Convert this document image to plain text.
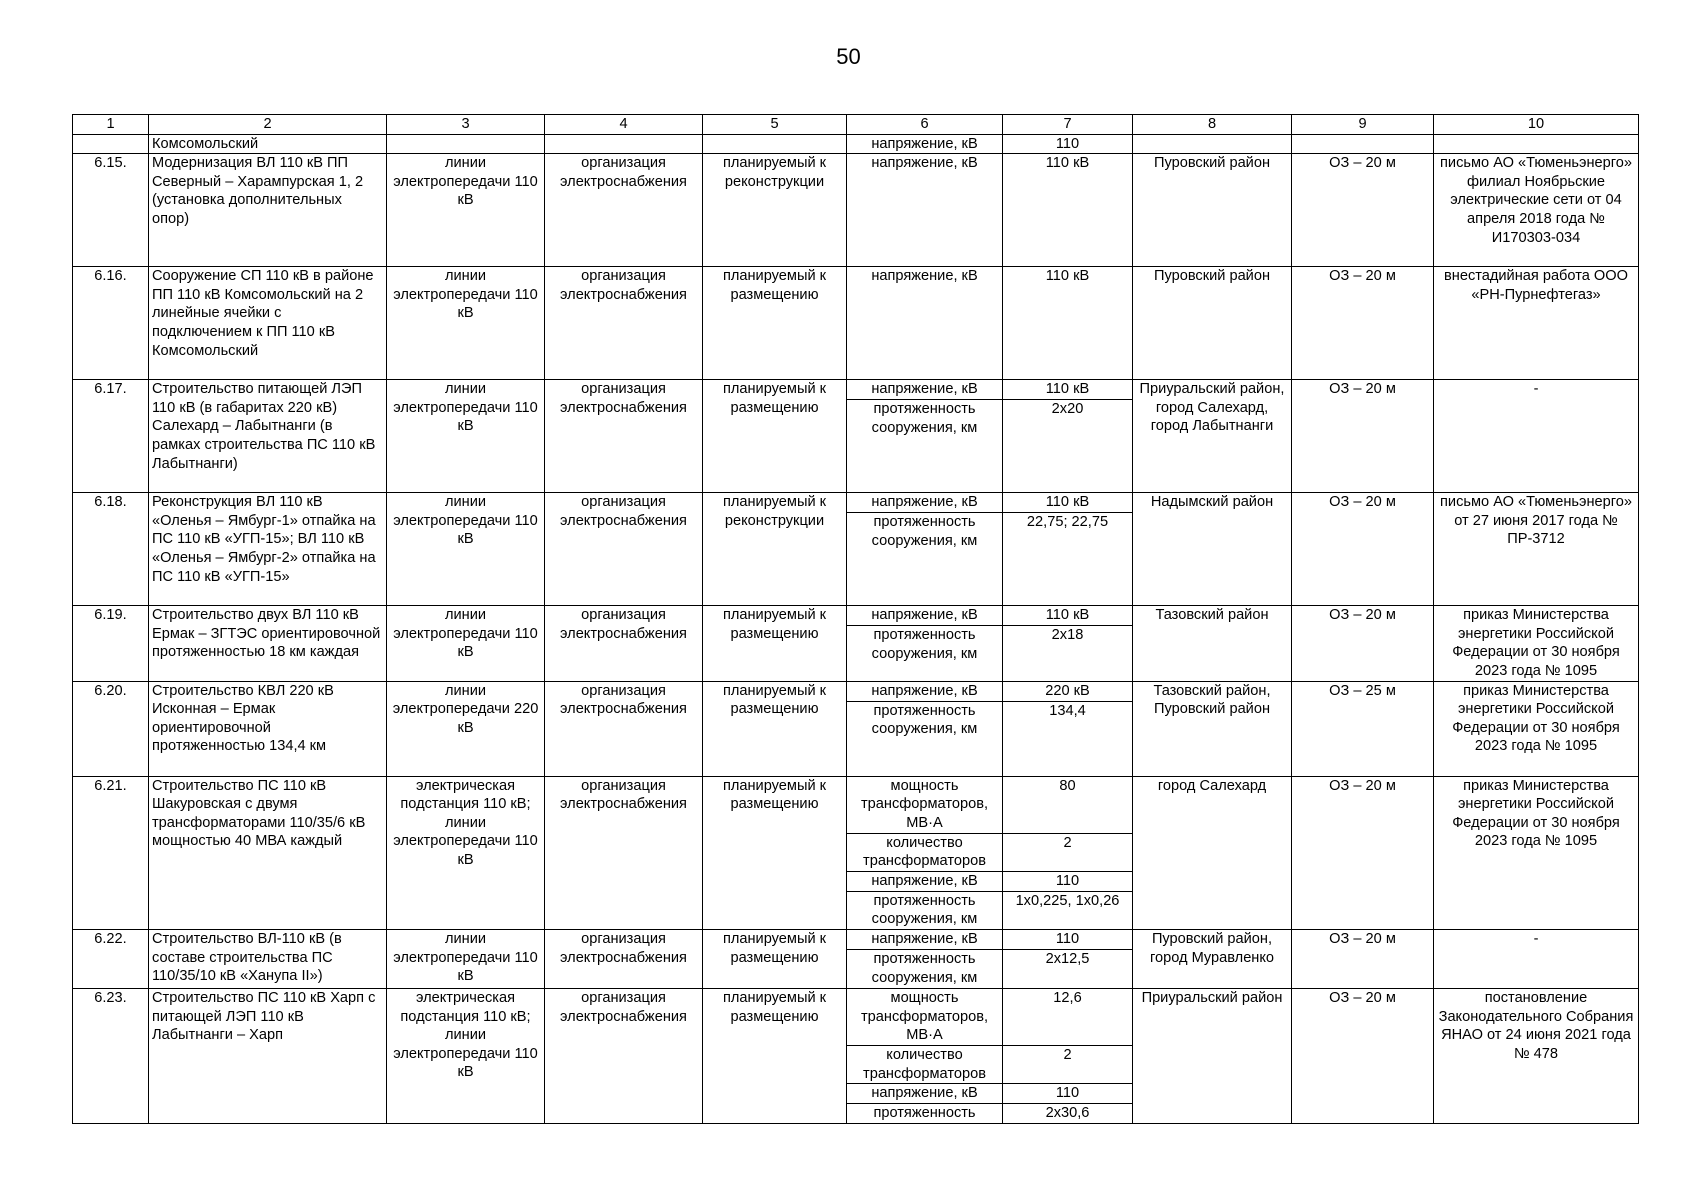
50
1	2	3	4	5	6	7	8	9	10
	Комсомольский				напряжение, кВ	110			
6.15.	Модернизация ВЛ 110 кВ ПП Северный – Харампурская 1, 2 (установка дополнительных опор)	линии электропередачи 110 кВ	организация электроснабжения	планируемый к реконструкции	напряжение, кВ	110 кВ	Пуровский район	ОЗ – 20 м	письмо АО «Тюменьэнерго» филиал Ноябрьские электрические сети от 04 апреля 2018 года № И170303-034
6.16.	Сооружение СП 110 кВ в районе ПП 110 кВ Комсомольский на 2 линейные ячейки с подключением к ПП 110 кВ Комсомольский	линии электропередачи 110 кВ	организация электроснабжения	планируемый к размещению	напряжение, кВ	110 кВ	Пуровский район	ОЗ – 20 м	внестадийная работа ООО «РН-Пурнефтегаз»
6.17.	Строительство питающей ЛЭП 110 кВ (в габаритах 220 кВ) Салехард – Лабытнанги (в рамках строительства ПС 110 кВ Лабытнанги)	линии электропередачи 110 кВ	организация электроснабжения	планируемый к размещению	напряжение, кВ	110 кВ	Приуральский район, город Салехард, город Лабытнанги	ОЗ – 20 м	-
					протяженность сооружения, км	2х20			
6.18.	Реконструкция ВЛ 110 кВ «Оленья – Ямбург-1» отпайка на ПС 110 кВ «УГП-15»; ВЛ 110 кВ «Оленья – Ямбург-2» отпайка на ПС 110 кВ «УГП-15»	линии электропередачи 110 кВ	организация электроснабжения	планируемый к реконструкции	напряжение, кВ	110 кВ	Надымский район	ОЗ – 20 м	письмо АО «Тюменьэнерго» от 27 июня 2017 года № ПР-3712
					протяженность сооружения, км	22,75; 22,75			
6.19.	Строительство двух ВЛ 110 кВ Ермак – ЗГТЭС ориентировочной протяженностью 18 км каждая	линии электропередачи 110 кВ	организация электроснабжения	планируемый к размещению	напряжение, кВ	110 кВ	Тазовский район	ОЗ – 20 м	приказ Министерства энергетики Российской Федерации от 30 ноября 2023 года № 1095
					протяженность сооружения, км	2х18			
6.20.	Строительство КВЛ 220 кВ Исконная – Ермак ориентировочной протяженностью 134,4 км	линии электропередачи 220 кВ	организация электроснабжения	планируемый к размещению	напряжение, кВ	220 кВ	Тазовский район, Пуровский район	ОЗ – 25 м	приказ Министерства энергетики Российской Федерации от 30 ноября 2023 года № 1095
					протяженность сооружения, км	134,4			
6.21.	Строительство ПС 110 кВ Шакуровская с двумя трансформаторами 110/35/6 кВ мощностью 40 МВА каждый	электрическая подстанция 110 кВ; линии электропередачи 110 кВ	организация электроснабжения	планируемый к размещению	мощность трансформаторов, МВ·А	80	город Салехард	ОЗ – 20 м	приказ Министерства энергетики Российской Федерации от 30 ноября 2023 года № 1095
					количество трансформаторов	2			
					напряжение, кВ	110			
					протяженность сооружения, км	1х0,225, 1х0,26			
6.22.	Строительство ВЛ-110 кВ (в составе строительства ПС 110/35/10 кВ «Ханупа II»)	линии электропередачи 110 кВ	организация электроснабжения	планируемый к размещению	напряжение, кВ	110	Пуровский район, город Муравленко	ОЗ – 20 м	-
					протяженность сооружения, км	2х12,5			
6.23.	Строительство ПС 110 кВ Харп с питающей ЛЭП 110 кВ Лабытнанги – Харп	электрическая подстанция 110 кВ; линии электропередачи 110 кВ	организация электроснабжения	планируемый к размещению	мощность трансформаторов, МВ·А	12,6	Приуральский район	ОЗ – 20 м	постановление Законодательного Собрания ЯНАО от 24 июня 2021 года № 478
					количество трансформаторов	2			
					напряжение, кВ	110			
					протяженность	2х30,6			
